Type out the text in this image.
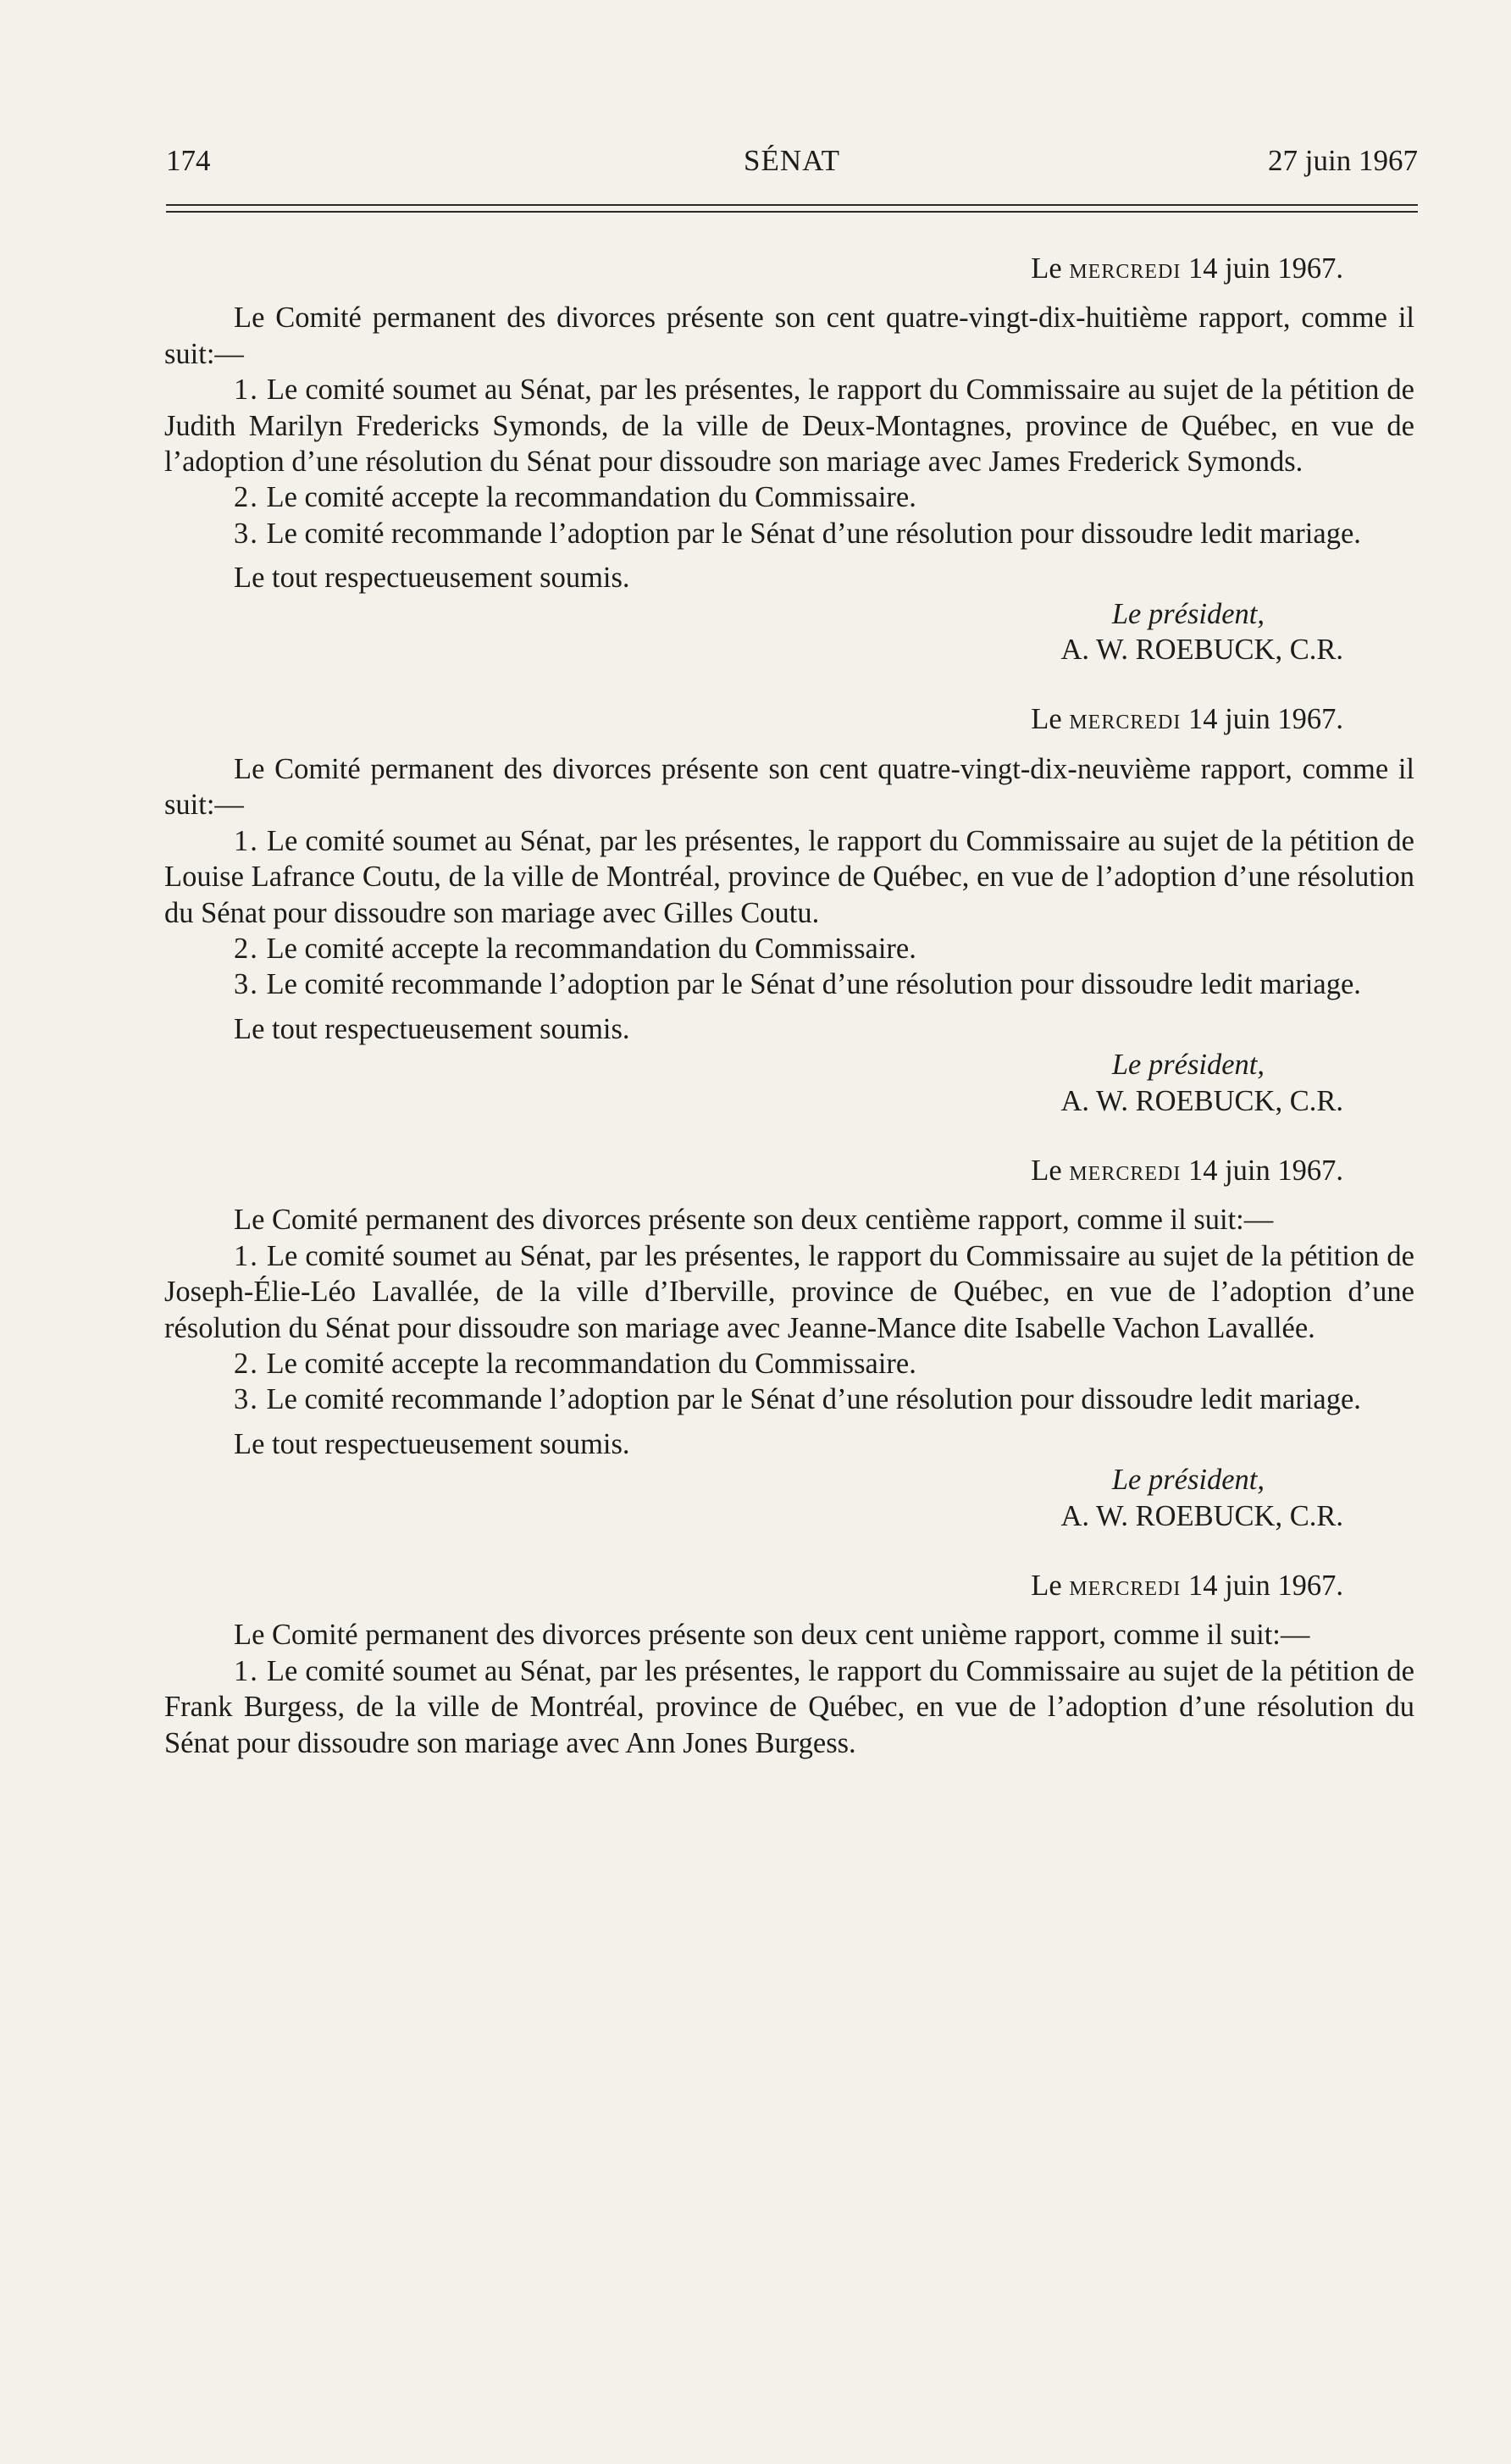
174	SÉNAT	27 juin 1967
Le MERCREDI 14 juin 1967.

Le Comité permanent des divorces présente son cent quatre-vingt-dix-huitième rapport, comme il suit:—

1. Le comité soumet au Sénat, par les présentes, le rapport du Commissaire au sujet de la pétition de Judith Marilyn Fredericks Symonds, de la ville de Deux-Montagnes, province de Québec, en vue de l’adoption d’une résolution du Sénat pour dissoudre son mariage avec James Frederick Symonds.

2. Le comité accepte la recommandation du Commissaire.

3. Le comité recommande l’adoption par le Sénat d’une résolution pour dissoudre ledit mariage.

Le tout respectueusement soumis.
Le président,
A. W. ROEBUCK, C.R.
Le MERCREDI 14 juin 1967.

Le Comité permanent des divorces présente son cent quatre-vingt-dix-neuvième rapport, comme il suit:—

1. Le comité soumet au Sénat, par les présentes, le rapport du Commissaire au sujet de la pétition de Louise Lafrance Coutu, de la ville de Montréal, province de Québec, en vue de l’adoption d’une résolution du Sénat pour dissoudre son mariage avec Gilles Coutu.

2. Le comité accepte la recommandation du Commissaire.

3. Le comité recommande l’adoption par le Sénat d’une résolution pour dissoudre ledit mariage.

Le tout respectueusement soumis.
Le président,
A. W. ROEBUCK, C.R.
Le MERCREDI 14 juin 1967.

Le Comité permanent des divorces présente son deux centième rapport, comme il suit:—

1. Le comité soumet au Sénat, par les présentes, le rapport du Commissaire au sujet de la pétition de Joseph-Élie-Léo Lavallée, de la ville d’Iberville, province de Québec, en vue de l’adoption d’une résolution du Sénat pour dissoudre son mariage avec Jeanne-Mance dite Isabelle Vachon Lavallée.

2. Le comité accepte la recommandation du Commissaire.

3. Le comité recommande l’adoption par le Sénat d’une résolution pour dissoudre ledit mariage.

Le tout respectueusement soumis.
Le président,
A. W. ROEBUCK, C.R.
Le MERCREDI 14 juin 1967.

Le Comité permanent des divorces présente son deux cent unième rapport, comme il suit:—

1. Le comité soumet au Sénat, par les présentes, le rapport du Commissaire au sujet de la pétition de Frank Burgess, de la ville de Montréal, province de Québec, en vue de l’adoption d’une résolution du Sénat pour dissoudre son mariage avec Ann Jones Burgess.
